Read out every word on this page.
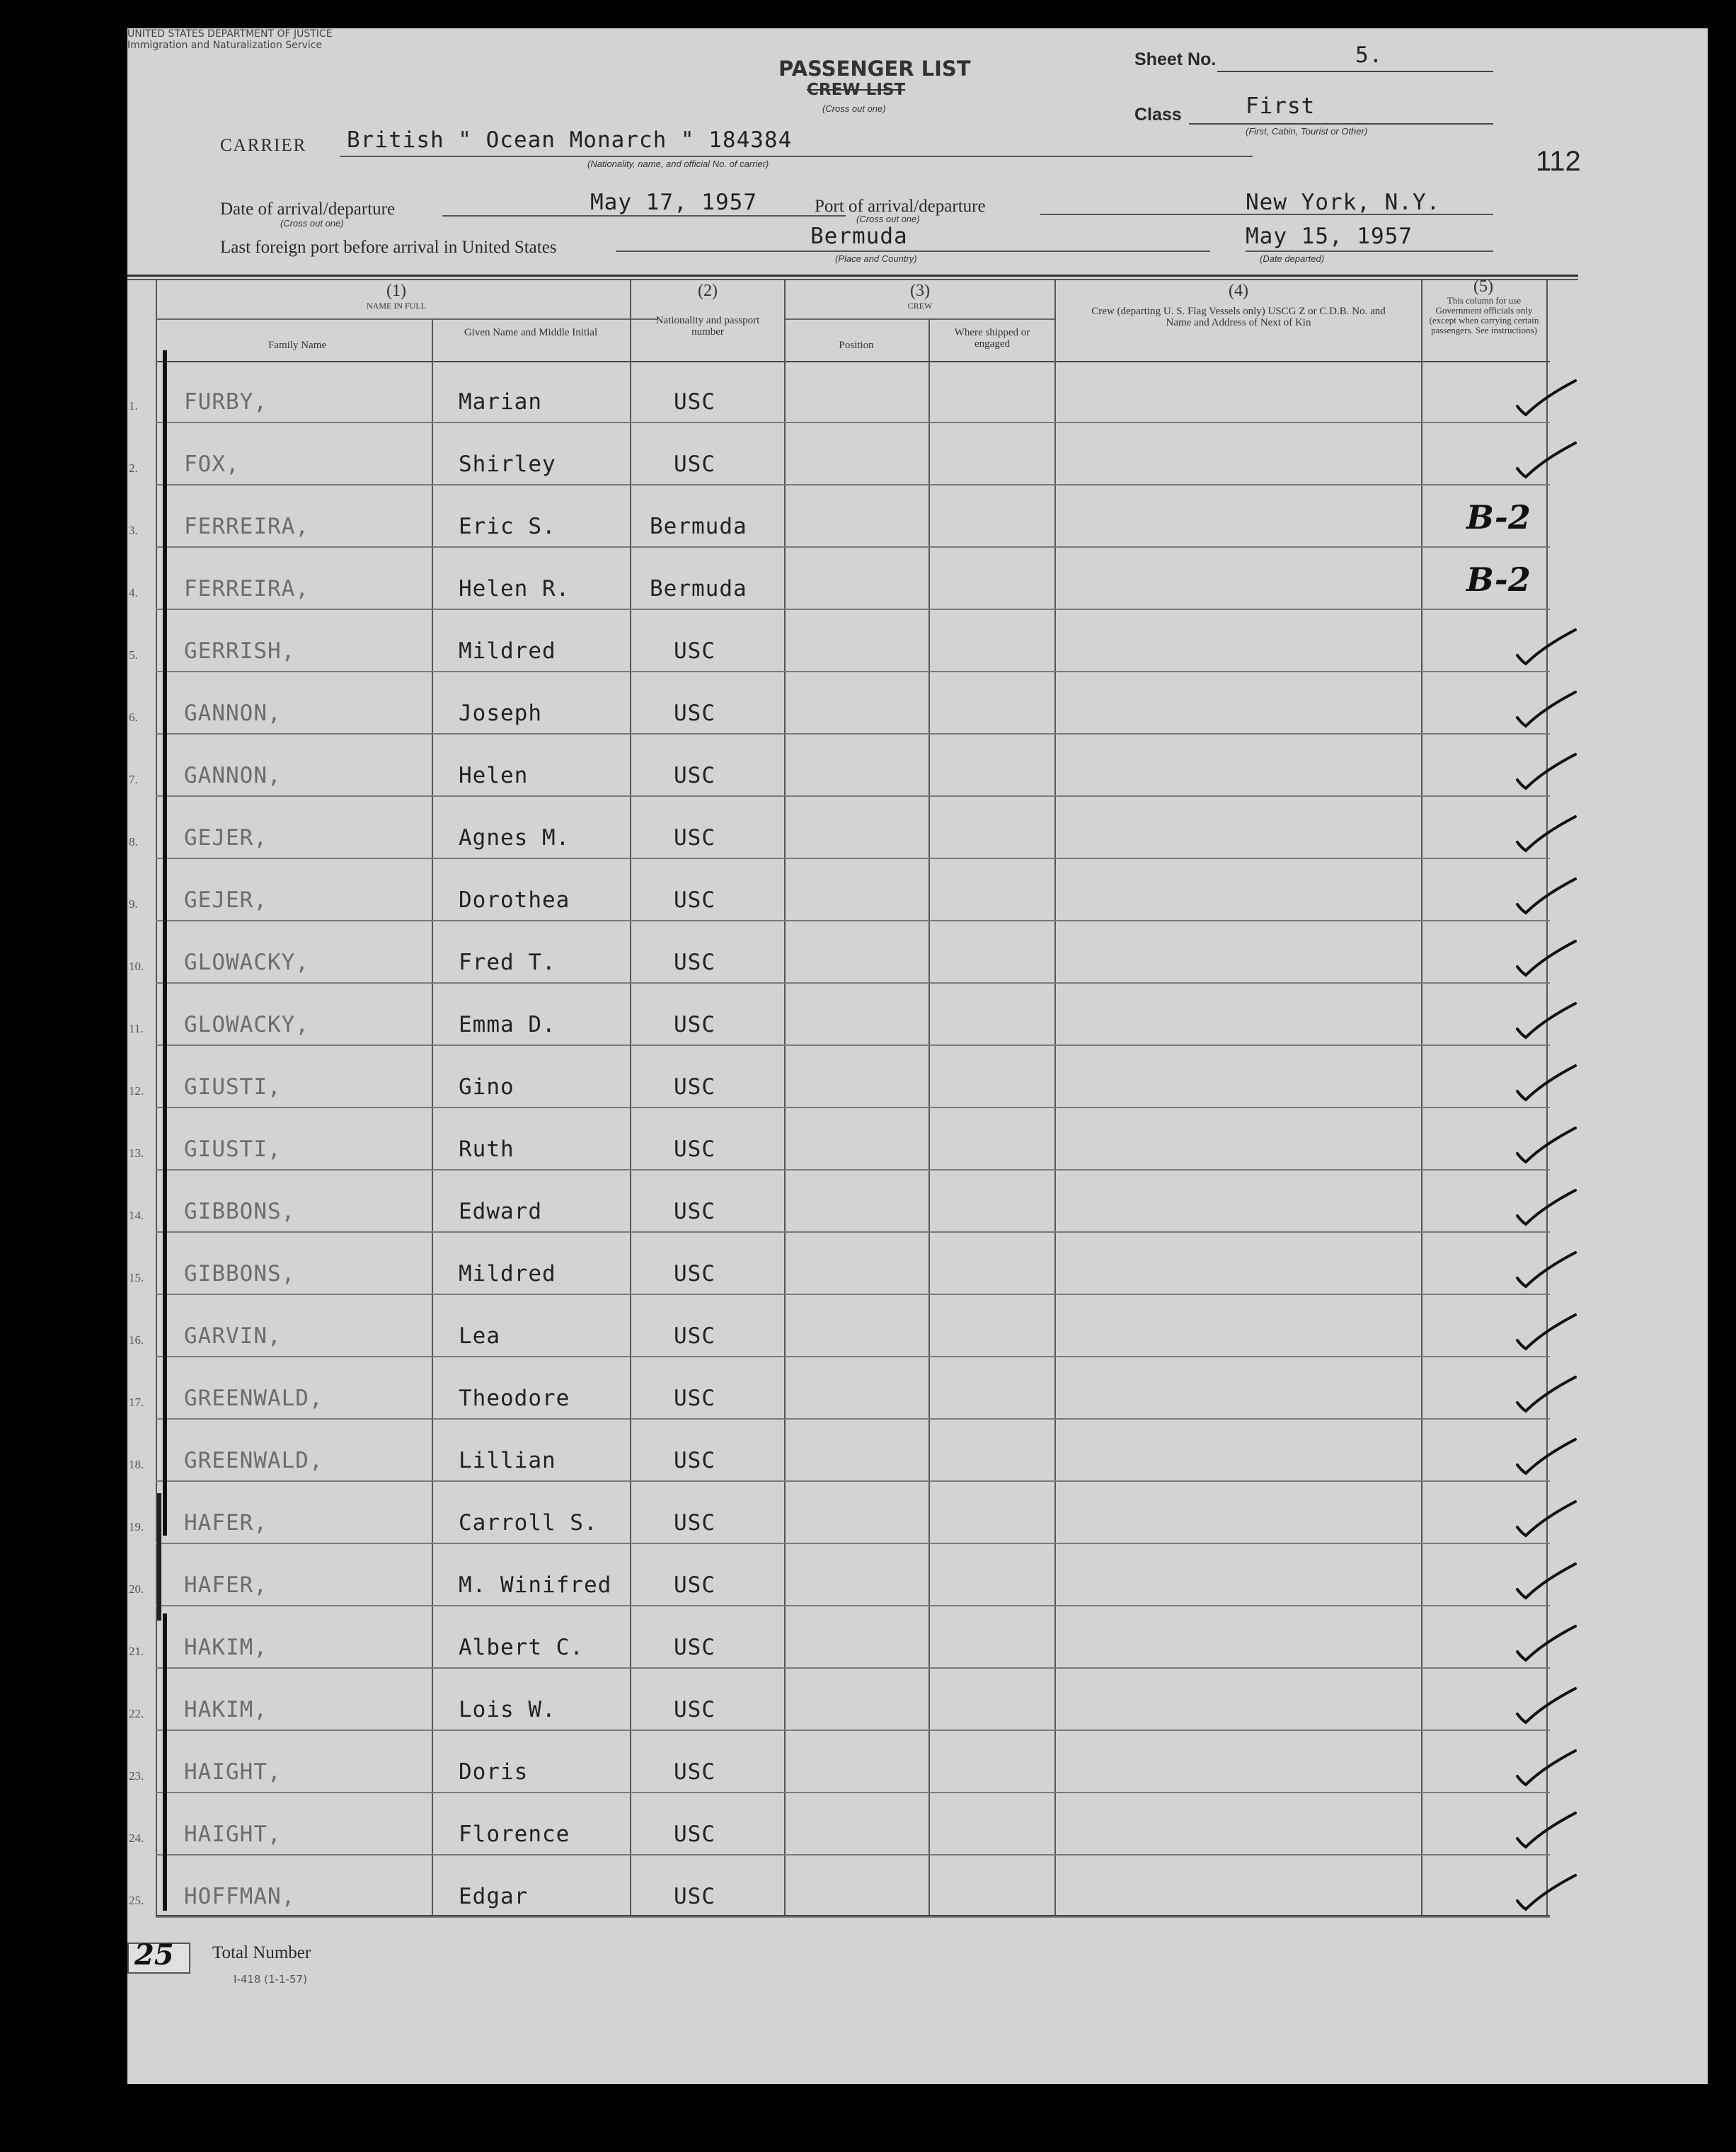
UNITED STATES DEPARTMENT OF JUSTICE
Immigration and Naturalization Service
PASSENGER LIST
CREW LIST
(Cross out one)
Sheet No.	5.
Class	First
(First, Cabin, Tourist or Other)
112
CARRIER British " Ocean Monarch " 184384
(Nationality, name, and official No. of carrier)
Date of arrival/departure
(Cross out one)
May 17, 1957	Port of arrival/departure
(Cross out one)
New York, N.Y.
Last foreign port before arrival in United States	Bermuda
(Place and Country)
May 15, 1957
(Date departed)
(1)
NAME IN FULL
Family Name
Given Name and Middle Initial
(2)
Nationality and passport number
(3)
CREW
Position
Where shipped or engaged
(4)
Crew (departing U. S. Flag Vessels only) USCG Z or C.D.B. No. and Name and Address of Next of Kin
(5)
This column for use Government officials only (except when carrying certain passengers. See instructions)
1. FURBY,	Marian	USC
2. FOX,	Shirley	USC
3. FERREIRA,	Eric S.	Bermuda	B-2
4. FERREIRA,	Helen R.	Bermuda	B-2
5. GERRISH,	Mildred	USC
6. GANNON,	Joseph	USC
7. GANNON,	Helen	USC
8. GEJER,	Agnes M.	USC
9. GEJER,	Dorothea	USC
10. GLOWACKY,	Fred T.	USC
11. GLOWACKY,	Emma D.	USC
12. GIUSTI,	Gino	USC
13. GIUSTI,	Ruth	USC
14. GIBBONS,	Edward	USC
15. GIBBONS,	Mildred	USC
16. GARVIN,	Lea	USC
17. GREENWALD,	Theodore	USC
18. GREENWALD,	Lillian	USC
19. HAFER,	Carroll S.	USC
20. HAFER,	M. Winifred	USC
21. HAKIM,	Albert C.	USC
22. HAKIM,	Lois W.	USC
23. HAIGHT,	Doris	USC
24. HAIGHT,	Florence	USC
25. HOFFMAN,	Edgar	USC
25 Total Number
I-418 (1-1-57)
